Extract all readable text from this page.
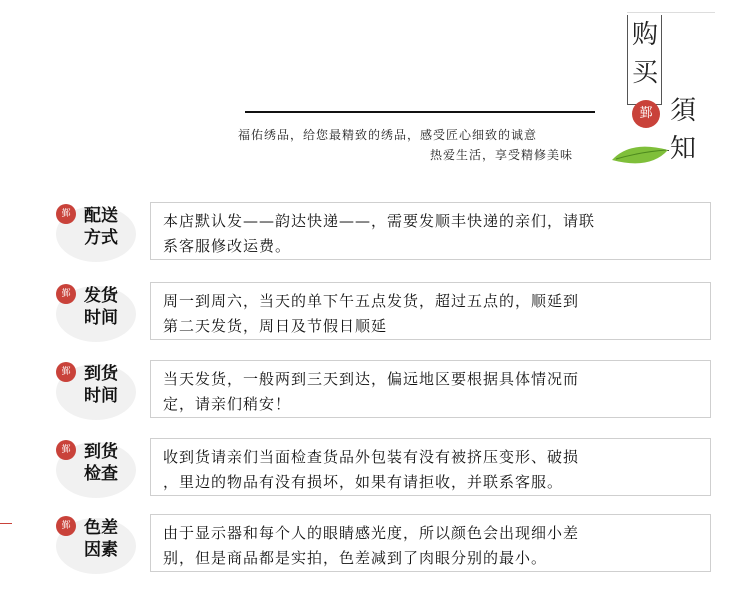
购
买
須
知
鄞
福佑绣品，给您最精致的绣品，感受匠心细致的诚意
热爱生活，享受精修美味
鄞 配送
方式

本店默认发——韵达快递——，需要发顺丰快递的亲们，请联

系客服修改运费。

鄞 发货
时间

周一到周六，当天的单下午五点发货，超过五点的，顺延到

第二天发货，周日及节假日顺延

鄞 到货
时间

当天发货，一般两到三天到达，偏远地区要根据具体情况而

定，请亲们稍安！

鄞 到货
检查

收到货请亲们当面检查货品外包装有没有被挤压变形、破损

，里边的物品有没有损坏，如果有请拒收，并联系客服。

鄞 色差
因素

由于显示器和每个人的眼睛感光度，所以颜色会出现细小差

别，但是商品都是实拍，色差减到了肉眼分别的最小。
